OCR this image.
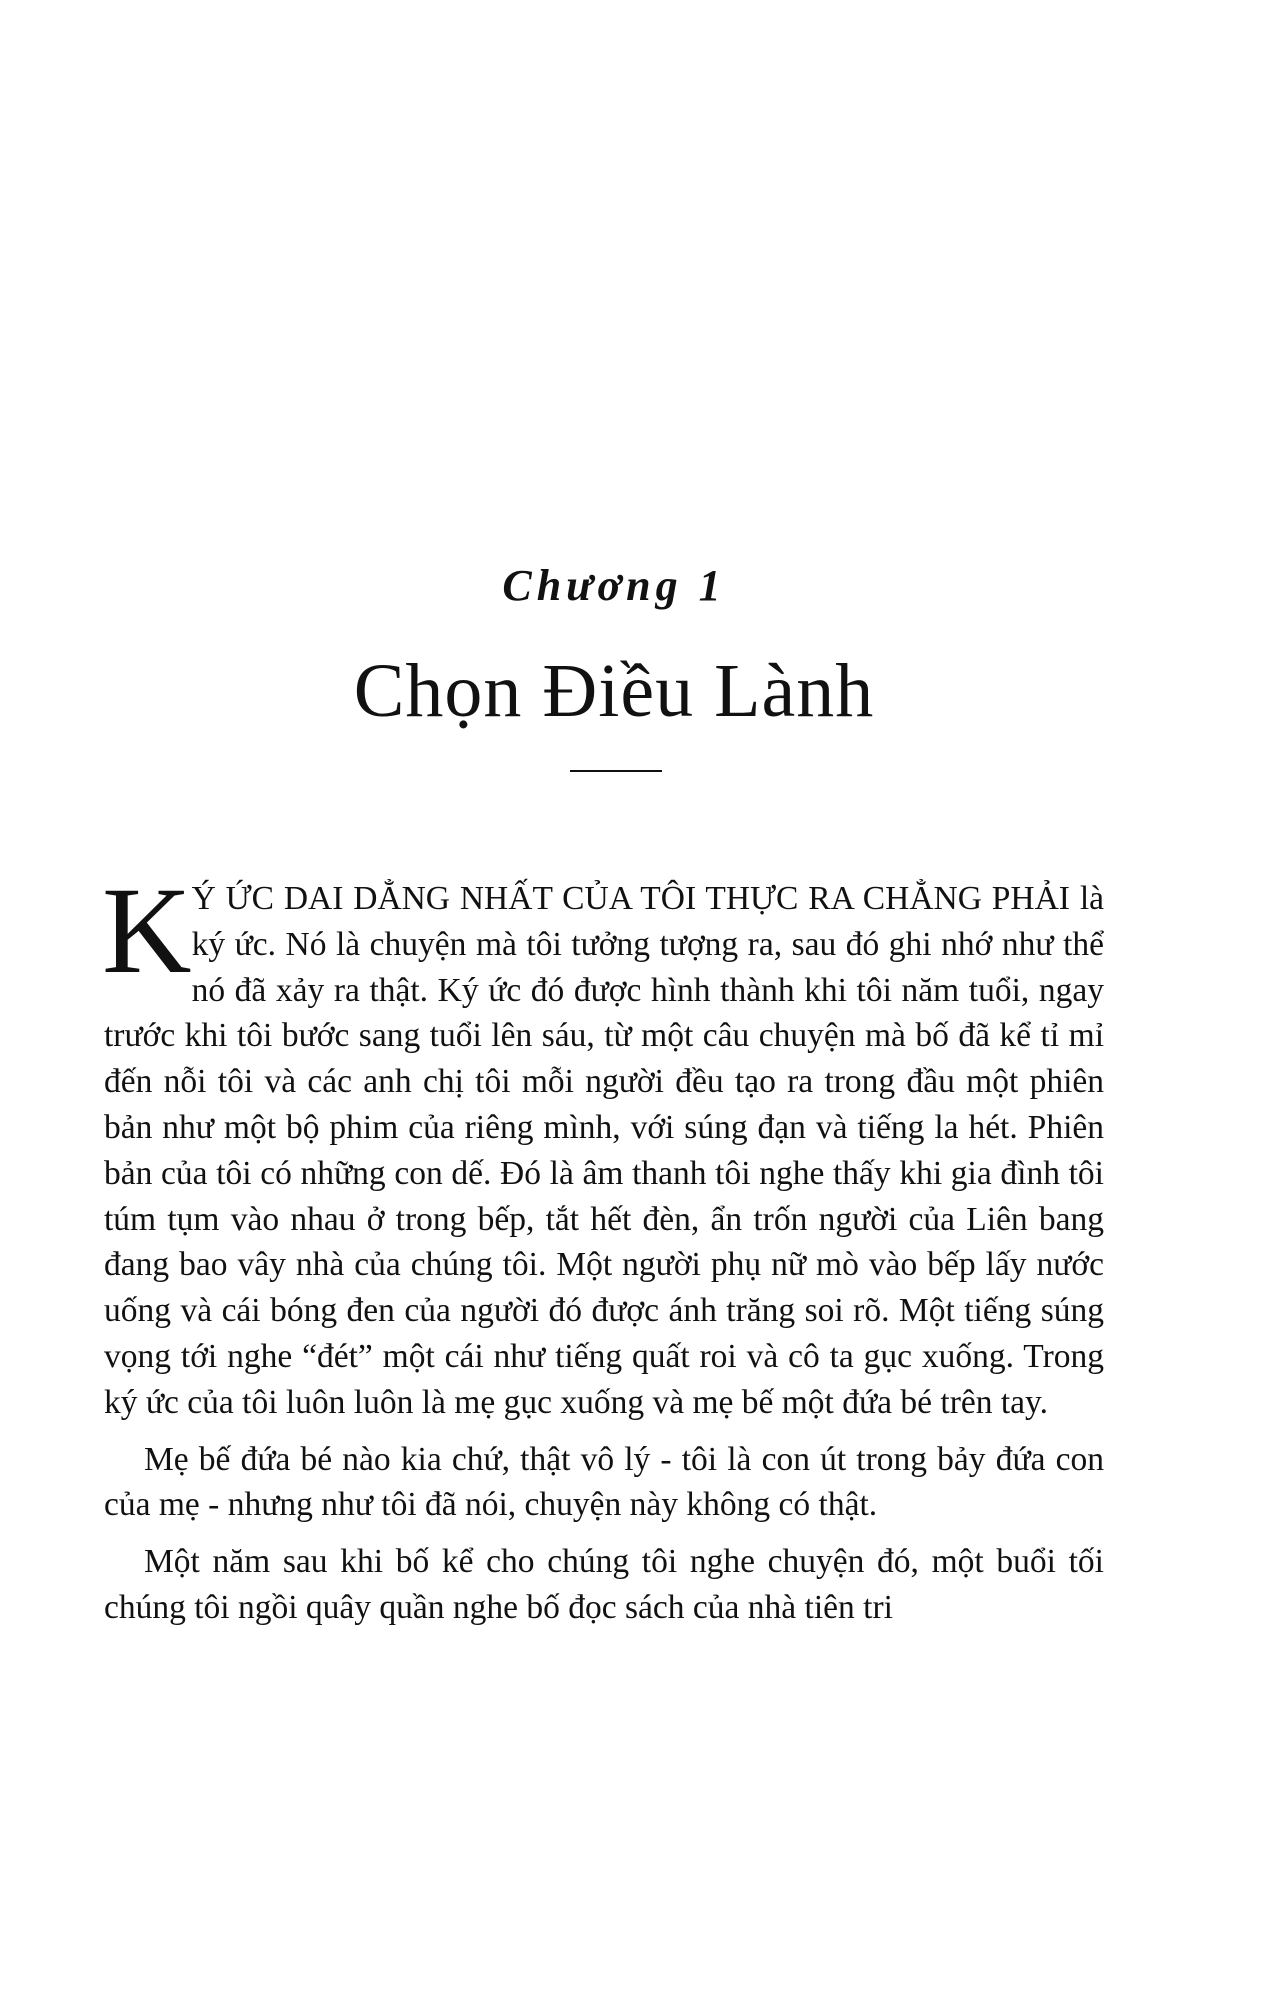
Chương 1
Chọn Điều Lành

K Ý ỨC DAI DẲNG NHẤT CỦA TÔI THỰC RA CHẲNG PHẢI là ký ức. Nó là chuyện mà tôi tưởng tượng ra, sau đó ghi nhớ như thể nó đã xảy ra thật. Ký ức đó được hình thành khi tôi năm tuổi, ngay trước khi tôi bước sang tuổi lên sáu, từ một câu chuyện mà bố đã kể tỉ mỉ đến nỗi tôi và các anh chị tôi mỗi người đều tạo ra trong đầu một phiên bản như một bộ phim của riêng mình, với súng đạn và tiếng la hét. Phiên bản của tôi có những con dế. Đó là âm thanh tôi nghe thấy khi gia đình tôi túm tụm vào nhau ở trong bếp, tắt hết đèn, ẩn trốn người của Liên bang đang bao vây nhà của chúng tôi. Một người phụ nữ mò vào bếp lấy nước uống và cái bóng đen của người đó được ánh trăng soi rõ. Một tiếng súng vọng tới nghe “đét” một cái như tiếng quất roi và cô ta gục xuống. Trong ký ức của tôi luôn luôn là mẹ gục xuống và mẹ bế một đứa bé trên tay.

Mẹ bế đứa bé nào kia chứ, thật vô lý - tôi là con út trong bảy đứa con của mẹ - nhưng như tôi đã nói, chuyện này không có thật.

Một năm sau khi bố kể cho chúng tôi nghe chuyện đó, một buổi tối chúng tôi ngồi quây quần nghe bố đọc sách của nhà tiên tri
